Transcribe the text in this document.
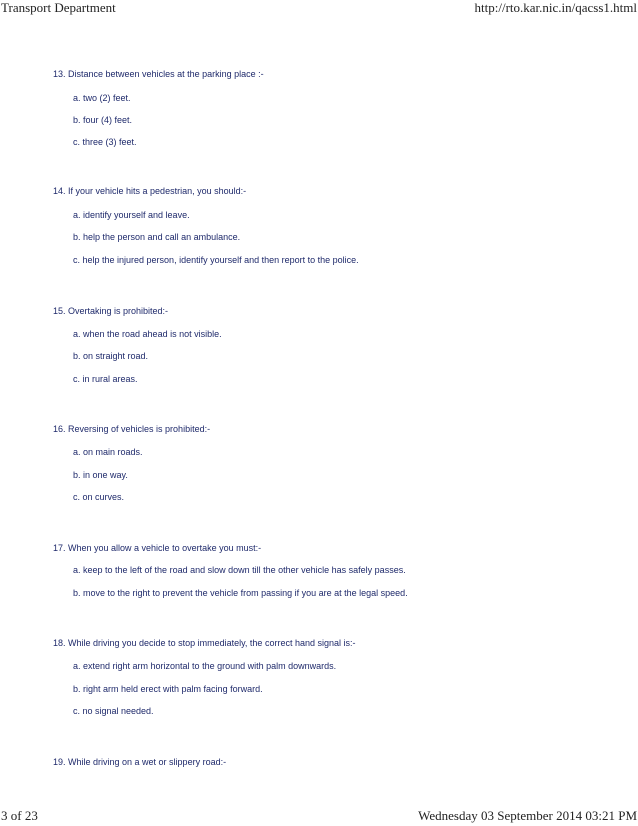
Transport Department	http://rto.kar.nic.in/qacss1.html
13. Distance between vehicles at the parking place :-
a. two (2) feet.
b. four (4) feet.
c. three (3) feet.
14. If your vehicle hits a pedestrian, you should:-
a. identify yourself and leave.
b. help the person and call an ambulance.
c. help the injured person, identify yourself and then report to the police.
15. Overtaking is prohibited:-
a. when the road ahead is not visible.
b. on straight road.
c. in rural areas.
16. Reversing of vehicles is prohibited:-
a. on main roads.
b. in one way.
c. on curves.
17. When you allow a vehicle to overtake you must:-
a. keep to the left of the road and slow down till the other vehicle has safely passes.
b. move to the right to prevent the vehicle from passing if you are at the legal speed.
18. While driving you decide to stop immediately, the correct hand signal is:-
a. extend right arm horizontal to the ground with palm downwards.
b. right arm held erect with palm facing forward.
c. no signal needed.
19. While driving on a wet or slippery road:-
3 of 23	Wednesday 03 September 2014 03:21 PM
